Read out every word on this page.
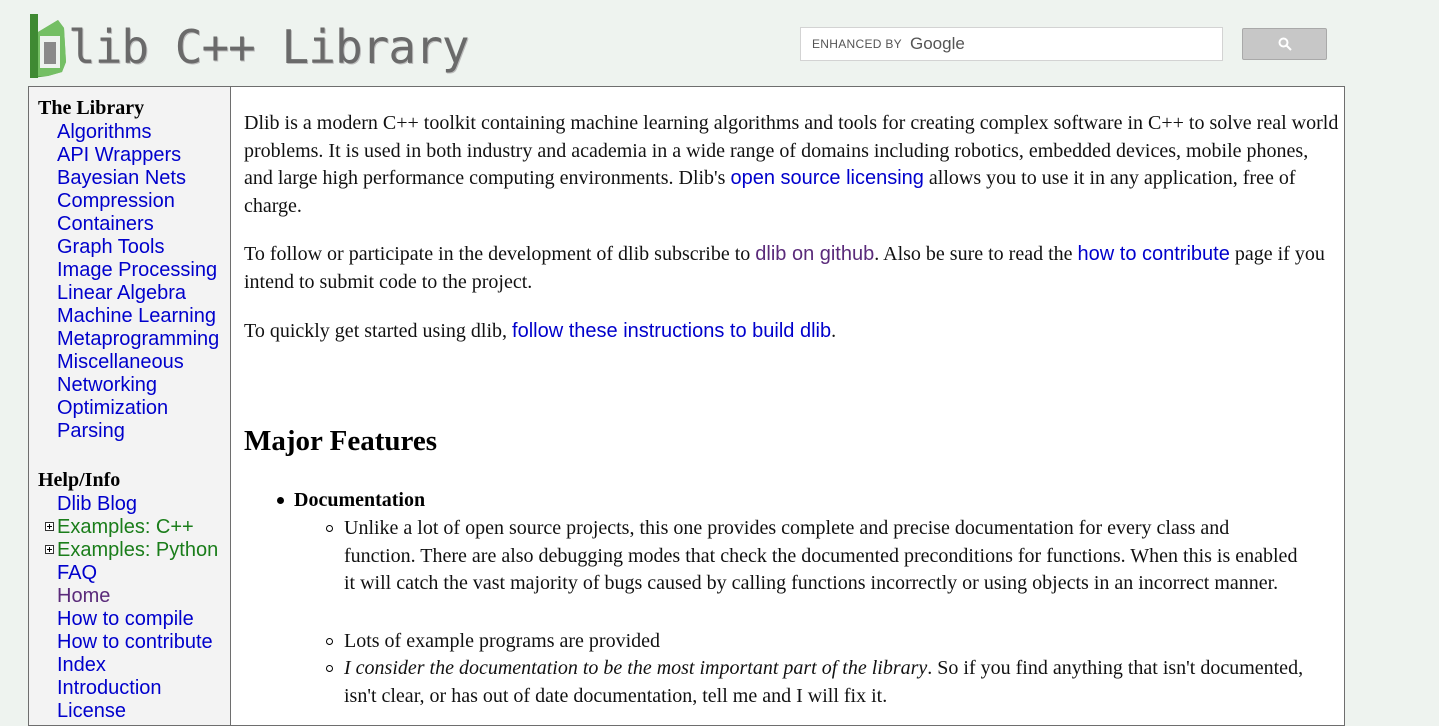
lib C++ Library	ENHANCED BY Google
The Library
Algorithms
API Wrappers
Bayesian Nets
Compression
Containers
Graph Tools
Image Processing
Linear Algebra
Machine Learning
Metaprogramming
Miscellaneous
Networking
Optimization
Parsing
Help/Info
Dlib Blog
Examples: C++
Examples: Python
FAQ
Home
How to compile
How to contribute
Index
Introduction
License

Dlib is a modern C++ toolkit containing machine learning algorithms and tools for creating complex software in C++ to solve real world problems. It is used in both industry and academia in a wide range of domains including robotics, embedded devices, mobile phones, and large high performance computing environments. Dlib's open source licensing allows you to use it in any application, free of charge.

To follow or participate in the development of dlib subscribe to dlib on github. Also be sure to read the how to contribute page if you intend to submit code to the project.

To quickly get started using dlib, follow these instructions to build dlib.

Major Features
Documentation

Unlike a lot of open source projects, this one provides complete and precise documentation for every class and function. There are also debugging modes that check the documented preconditions for functions. When this is enabled it will catch the vast majority of bugs caused by calling functions incorrectly or using objects in an incorrect manner.

Lots of example programs are provided

I consider the documentation to be the most important part of the library. So if you find anything that isn't documented, isn't clear, or has out of date documentation, tell me and I will fix it.
